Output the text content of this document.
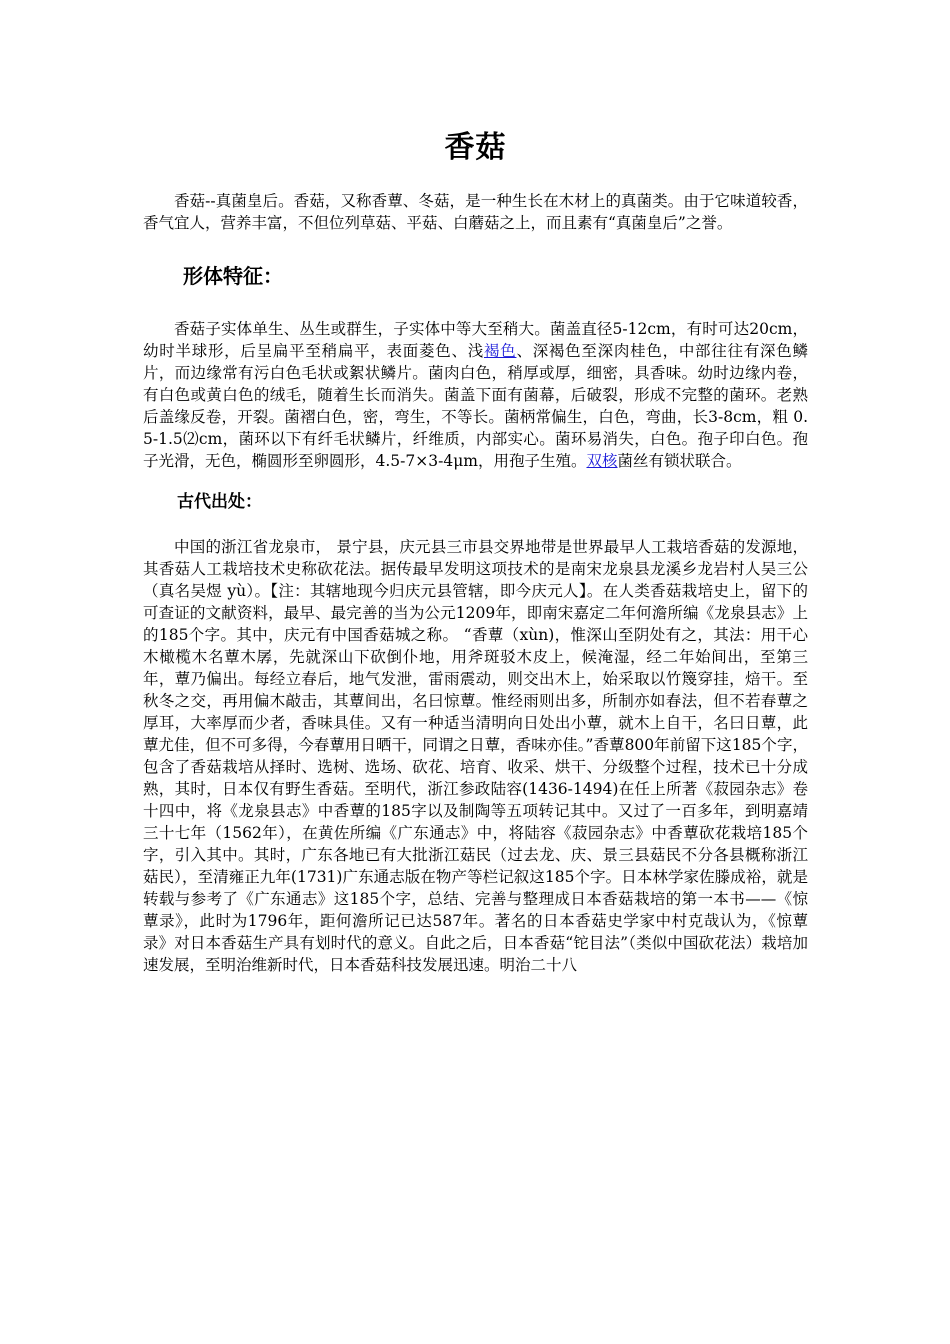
香菇

香菇--真菌皇后。香菇，又称香蕈、冬菇，是一种生长在木材上的真菌类。由于它味道较香， 香气宜人，营养丰富，不但位列草菇、平菇、白蘑菇之上，而且素有“真菌皇后”之誉。

形体特征：

香菇子实体单生、丛生或群生，子实体中等大至稍大。菌盖直径5-12cm，有时可达20cm，幼时半球形，后呈扁平至稍扁平，表面菱色、浅褐色、深褐色至深肉桂色，中部往往有深色鳞片，而边缘常有污白色毛状或絮状鳞片。菌肉白色，稍厚或厚，细密，具香味。幼时边缘内卷，有白色或黄白色的绒毛，随着生长而消失。菌盖下面有菌幕，后破裂，形成不完整的菌环。老熟后盖缘反卷，开裂。菌褶白色，密，弯生，不等长。菌柄常偏生，白色，弯曲，长3-8cm，粗 0.5-1.5⑵cm，菌环以下有纤毛状鳞片，纤维质，内部实心。菌环易消失，白色。孢子印白色。孢子光滑，无色，椭圆形至卵圆形，4.5-7×3-4μm，用孢子生殖。双核菌丝有锁状联合。

古代出处：

中国的浙江省龙泉市， 景宁县，庆元县三市县交界地带是世界最早人工栽培香菇的发源地，其香菇人工栽培技术史称砍花法。据传最早发明这项技术的是南宋龙泉县龙溪乡龙岩村人吴三公（真名吴煜 yù）。【注：其辖地现今归庆元县管辖，即今庆元人】。在人类香菇栽培史上，留下的可查证的文献资料，最早、最完善的当为公元1209年，即南宋嘉定二年何澹所编《龙泉县志》上的185个字。其中，庆元有中国香菇城之称。 “香蕈（xùn)，惟深山至阴处有之，其法：用干心木橄榄木名蕈木孱，先就深山下砍倒仆地，用斧斑驳木皮上，候淹湿，经二年始间出，至第三年，蕈乃偏出。每经立春后，地气发泄，雷雨震动，则交出木上，始采取以竹篾穿挂，焙干。至秋冬之交，再用偏木敲击，其蕈间出，名曰惊蕈。惟经雨则出多，所制亦如春法，但不若春蕈之厚耳，大率厚而少者，香味具佳。又有一种适当清明向日处出小蕈，就木上自干，名曰日蕈，此蕈尤佳，但不可多得，今春蕈用日晒干，同谓之日蕈，香味亦佳。”香蕈800年前留下这185个字，包含了香菇栽培从择时、选树、选场、砍花、培育、收采、烘干、分级整个过程，技术已十分成熟，其时，日本仅有野生香菇。至明代，浙江参政陆容(1436-1494)在任上所著《菽园杂志》卷十四中，将《龙泉县志》中香蕈的185字以及制陶等五项转记其中。又过了一百多年，到明嘉靖三十七年（1562年），在黄佐所编《广东通志》中，将陆容《菽园杂志》中香蕈砍花栽培185个字，引入其中。其时，广东各地已有大批浙江菇民（过去龙、庆、景三县菇民不分各县概称浙江菇民），至清雍正九年(1731)广东通志版在物产等栏记叙这185个字。日本林学家佐滕成裕，就是转载与参考了《广东通志》这185个字，总结、完善与整理成日本香菇栽培的第一本书——《惊蕈录》，此时为1796年，距何澹所记已达587年。著名的日本香菇史学家中村克哉认为，《惊蕈录》对日本香菇生产具有划时代的意义。自此之后，日本香菇“铊目法”（类似中国砍花法）栽培加速发展，至明治维新时代，日本香菇科技发展迅速。明治二十八
